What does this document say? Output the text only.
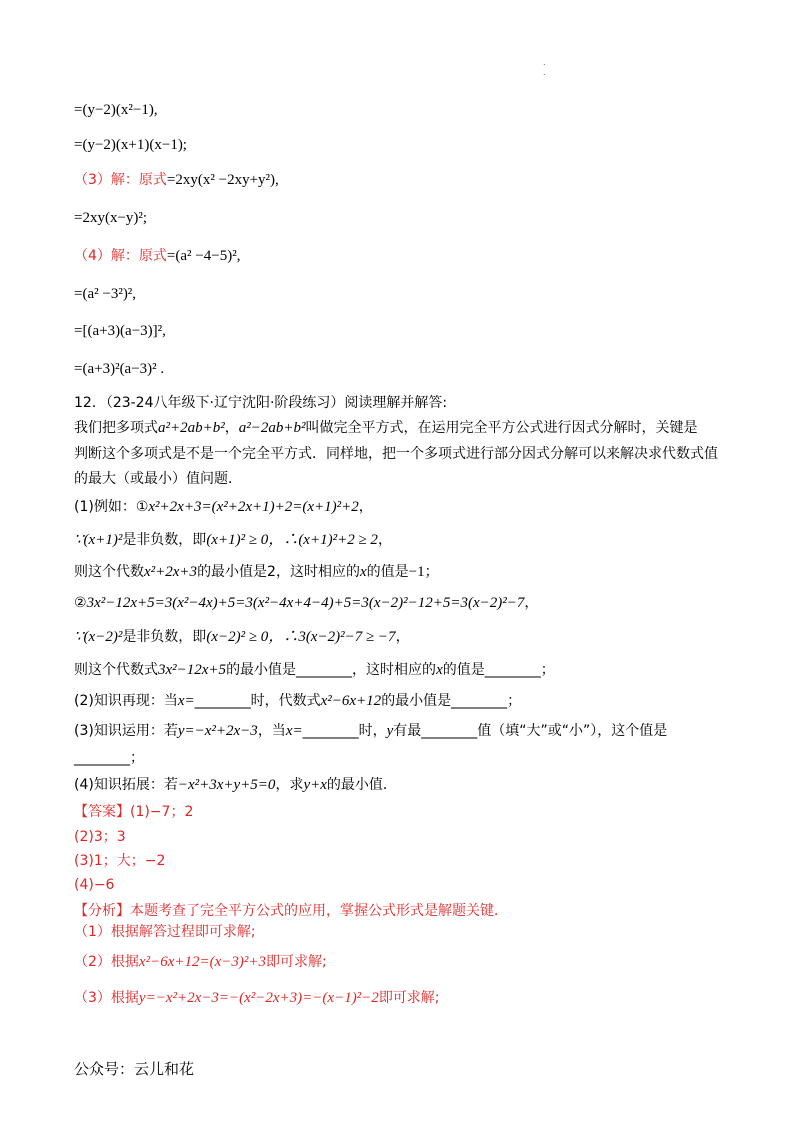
.
.
=(y−2)(x²−1),
=(y−2)(x+1)(x−1);
（3）解：原式=2xy(x² −2xy+y²),
=2xy(x−y)²;
（4）解：原式=(a² −4−5)²,
=(a² −3²)²,
=[(a+3)(a−3)]²,
=(a+3)²(a−3)² .
12．（23-24八年级下·辽宁沈阳·阶段练习）阅读理解并解答:
我们把多项式a²+2ab+b²，a²−2ab+b²叫做完全平方式，在运用完全平方公式进行因式分解时，关键是
判断这个多项式是不是一个完全平方式．同样地，把一个多项式进行部分因式分解可以来解决求代数式值
的最大（或最小）值问题．
(1)例如：①x²+2x+3=(x²+2x+1)+2=(x+1)²+2，
∵(x+1)²是非负数，即(x+1)² ≥ 0，∴(x+1)²+2 ≥ 2，
则这个代数x²+2x+3的最小值是2，这时相应的x的值是−1；
②3x²−12x+5=3(x²−4x)+5=3(x²−4x+4−4)+5=3(x−2)²−12+5=3(x−2)²−7，
∵(x−2)²是非负数，即(x−2)² ≥ 0，∴3(x−2)²−7 ≥ −7，
则这个代数式3x²−12x+5的最小值是________，这时相应的x的值是________；
(2)知识再现：当x=________时，代数式x²−6x+12的最小值是________；
(3)知识运用：若y=−x²+2x−3，当x=________时，y有最________值（填“大”或“小”），这个值是
________；
(4)知识拓展：若−x²+3x+y+5=0，求y+x的最小值．
【答案】(1)−7；2
(2)3；3
(3)1；大；−2
(4)−6
【分析】本题考查了完全平方公式的应用，掌握公式形式是解题关键．
（1）根据解答过程即可求解;
（2）根据x²−6x+12=(x−3)²+3即可求解;
（3）根据y=−x²+2x−3=−(x²−2x+3)=−(x−1)²−2即可求解;
公众号：云儿和花
